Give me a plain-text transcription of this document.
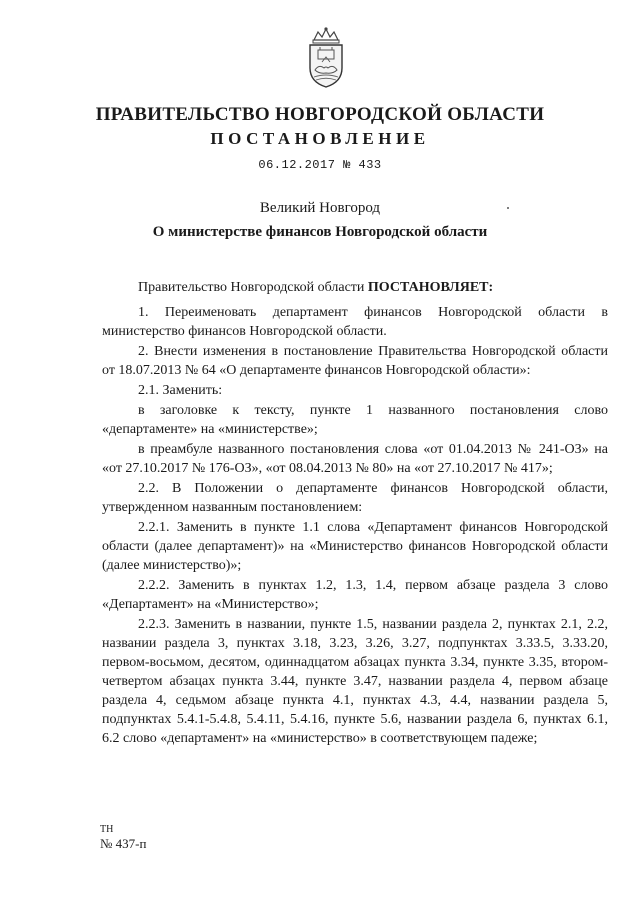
ПРАВИТЕЛЬСТВО НОВГОРОДСКОЙ ОБЛАСТИ
ПОСТАНОВЛЕНИЕ
06.12.2017 № 433
Великий Новгород
О министерстве финансов Новгородской области

Правительство Новгородской области ПОСТАНОВЛЯЕТ:

1. Переименовать департамент финансов Новгородской области в министерство финансов Новгородской области.

2. Внести изменения в постановление Правительства Новгородской области от 18.07.2013 № 64 «О департаменте финансов Новгородской области»:

2.1. Заменить:

в заголовке к тексту, пункте 1 названного постановления слово «департаменте» на «министерстве»;

в преамбуле названного постановления слова «от 01.04.2013 № 241-ОЗ» на «от 27.10.2017 № 176-ОЗ», «от 08.04.2013 № 80» на «от 27.10.2017 № 417»;

2.2. В Положении о департаменте финансов Новгородской области, утвержденном названным постановлением:

2.2.1. Заменить в пункте 1.1 слова «Департамент финансов Новгородской области (далее департамент)» на «Министерство финансов Новгородской области (далее министерство)»;

2.2.2. Заменить в пунктах 1.2, 1.3, 1.4, первом абзаце раздела 3 слово «Департамент» на «Министерство»;

2.2.3. Заменить в названии, пункте 1.5, названии раздела 2, пунктах 2.1, 2.2, названии раздела 3, пунктах 3.18, 3.23, 3.26, 3.27, подпунктах 3.33.5, 3.33.20, первом-восьмом, десятом, одиннадцатом абзацах пункта 3.34, пункте 3.35, втором-четвертом абзацах пункта 3.44, пункте 3.47, названии раздела 4, первом абзаце раздела 4, седьмом абзаце пункта 4.1, пунктах 4.3, 4.4, названии раздела 5, подпунктах 5.4.1-5.4.8, 5.4.11, 5.4.16, пункте 5.6, названии раздела 6, пунктах 6.1, 6.2 слово «департамент» на «министерство» в соответствующем падеже;

ТН
№ 437-п
